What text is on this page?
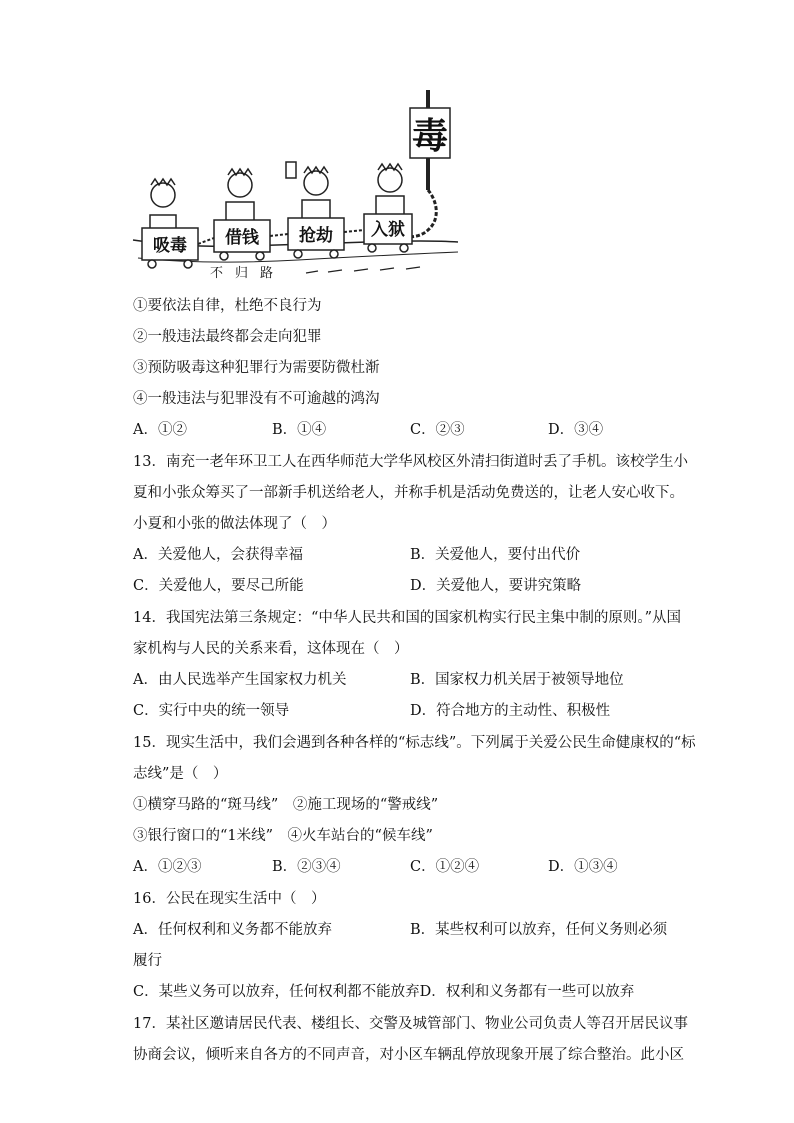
毒
吸毒 借钱 抢劫 入狱
不归路
①要依法自律，杜绝不良行为
②一般违法最终都会走向犯罪
③预防吸毒这种犯罪行为需要防微杜渐
④一般违法与犯罪没有不可逾越的鸿沟
A．①②	B．①④	C．②③	D．③④
13．南充一老年环卫工人在西华师范大学华风校区外清扫街道时丢了手机。该校学生小
夏和小张众筹买了一部新手机送给老人，并称手机是活动免费送的，让老人安心收下。
小夏和小张的做法体现了（　）
A．关爱他人，会获得幸福	B．关爱他人，要付出代价
C．关爱他人，要尽己所能	D．关爱他人，要讲究策略
14．我国宪法第三条规定：“中华人民共和国的国家机构实行民主集中制的原则。”从国
家机构与人民的关系来看，这体现在（　）
A．由人民选举产生国家权力机关	B．国家权力机关居于被领导地位
C．实行中央的统一领导	D．符合地方的主动性、积极性
15．现实生活中，我们会遇到各种各样的“标志线”。下列属于关爱公民生命健康权的“标
志线”是（　）
①横穿马路的“斑马线”　②施工现场的“警戒线”
③银行窗口的“1米线”　④火车站台的“候车线”
A．①②③	B．②③④	C．①②④	D．①③④
16．公民在现实生活中（　）
A．任何权利和义务都不能放弃	B．某些权利可以放弃，任何义务则必须
履行
C．某些义务可以放弃，任何权利都不能放弃D．权利和义务都有一些可以放弃
17．某社区邀请居民代表、楼组长、交警及城管部门、物业公司负责人等召开居民议事
协商会议，倾听来自各方的不同声音，对小区车辆乱停放现象开展了综合整治。此小区
